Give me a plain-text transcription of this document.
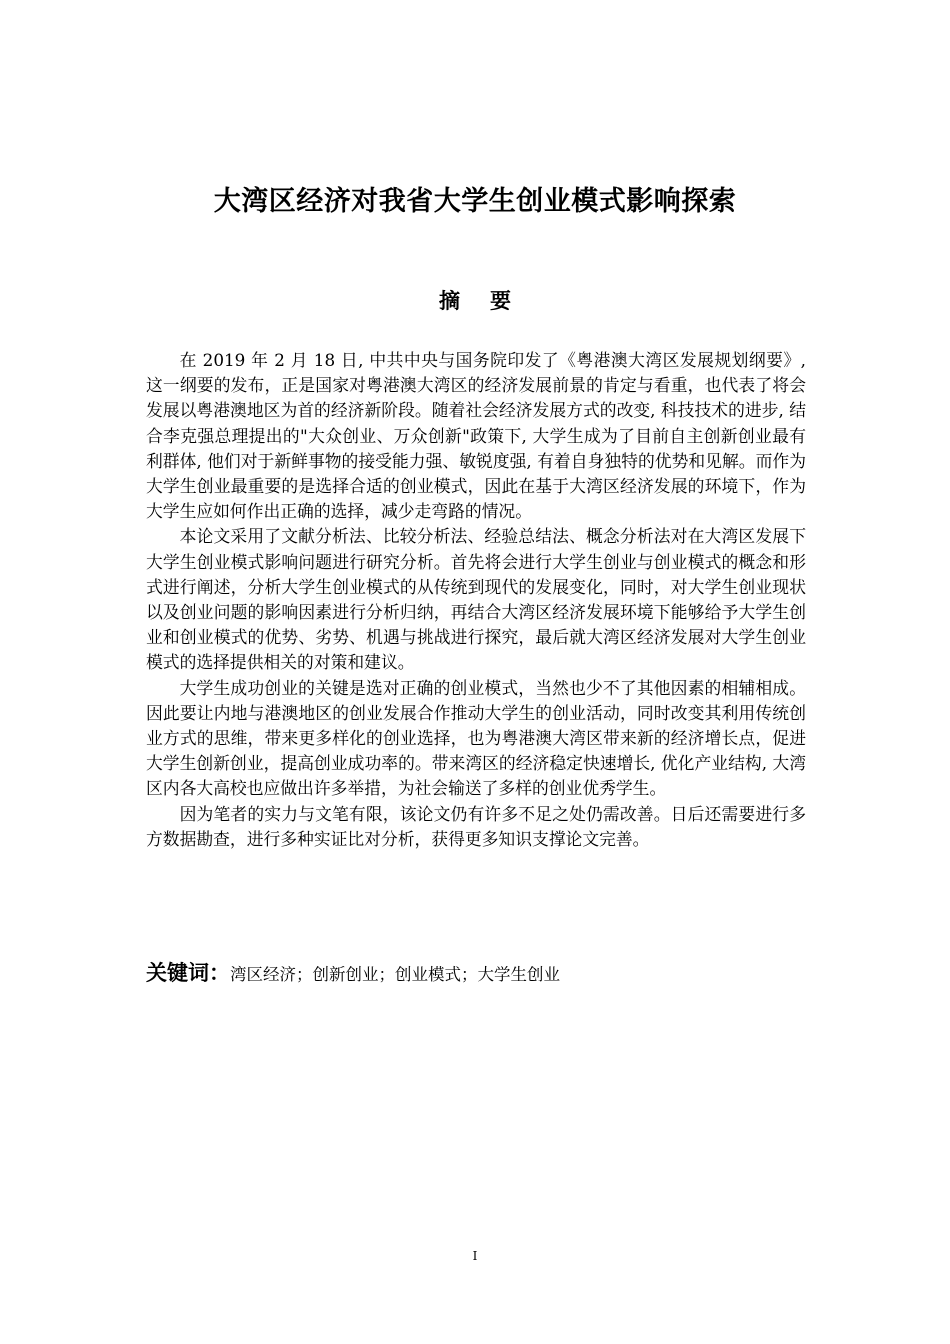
大湾区经济对我省大学生创业模式影响探索
摘 要

在 2019 年 2 月 18 日, 中共中央与国务院印发了《粤港澳大湾区发展规划纲要》, 这一纲要的发布，正是国家对粤港澳大湾区的经济发展前景的肯定与看重，也代表了将会发展以粤港澳地区为首的经济新阶段。随着社会经济发展方式的改变, 科技技术的进步, 结合李克强总理提出的"大众创业、万众创新"政策下, 大学生成为了目前自主创新创业最有利群体, 他们对于新鲜事物的接受能力强、敏锐度强, 有着自身独特的优势和见解。而作为大学生创业最重要的是选择合适的创业模式，因此在基于大湾区经济发展的环境下，作为大学生应如何作出正确的选择，减少走弯路的情况。

本论文采用了文献分析法、比较分析法、经验总结法、概念分析法对在大湾区发展下大学生创业模式影响问题进行研究分析。首先将会进行大学生创业与创业模式的概念和形式进行阐述，分析大学生创业模式的从传统到现代的发展变化，同时，对大学生创业现状以及创业问题的影响因素进行分析归纳，再结合大湾区经济发展环境下能够给予大学生创业和创业模式的优势、劣势、机遇与挑战进行探究，最后就大湾区经济发展对大学生创业模式的选择提供相关的对策和建议。

大学生成功创业的关键是选对正确的创业模式，当然也少不了其他因素的相辅相成。因此要让内地与港澳地区的创业发展合作推动大学生的创业活动，同时改变其利用传统创业方式的思维，带来更多样化的创业选择，也为粤港澳大湾区带来新的经济增长点，促进大学生创新创业，提高创业成功率的。带来湾区的经济稳定快速增长, 优化产业结构, 大湾区内各大高校也应做出许多举措，为社会输送了多样的创业优秀学生。

因为笔者的实力与文笔有限，该论文仍有许多不足之处仍需改善。日后还需要进行多方数据勘查，进行多种实证比对分析，获得更多知识支撑论文完善。

关键词：湾区经济；创新创业；创业模式；大学生创业
I
